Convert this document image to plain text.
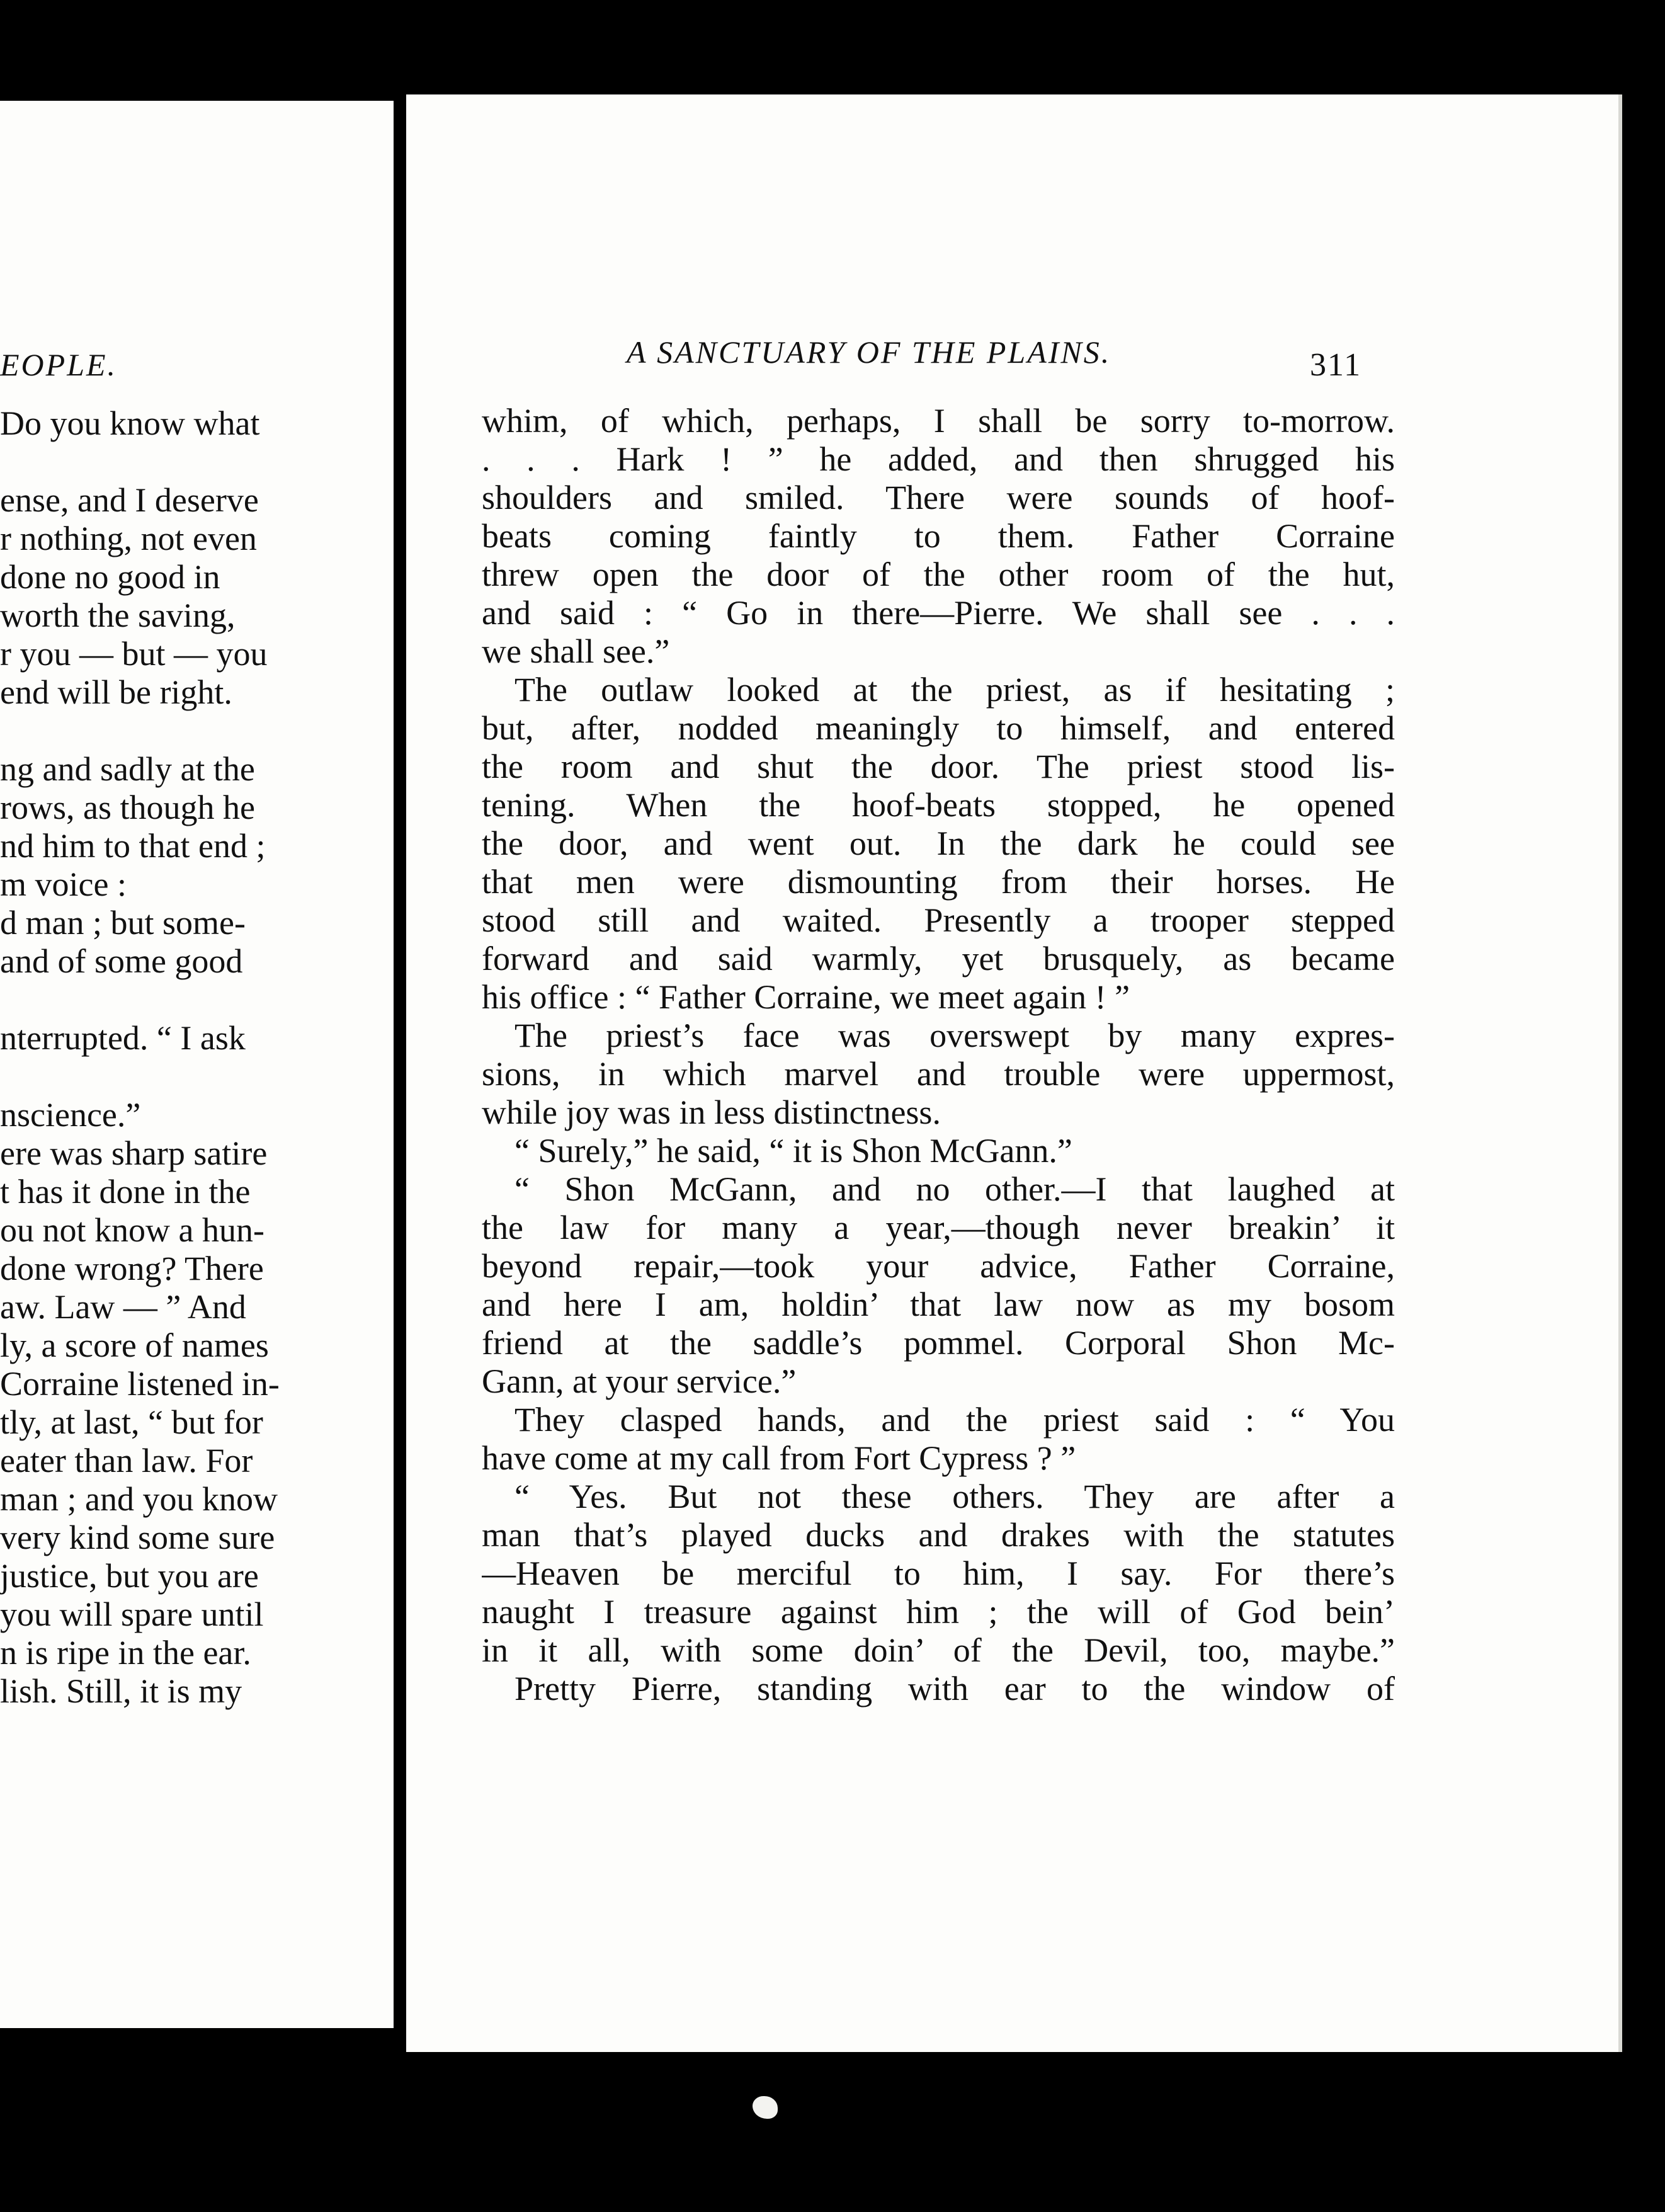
EOPLE.
Do you know what

ense, and I deserve
r nothing, not even
done no good in
worth the saving,
r you — but — you
end will be right.

ng and sadly at the
rows, as though he
nd him to that end ;
m voice :
d man ; but some-
and of some good

nterrupted. “ I ask

nscience.”
ere was sharp satire
t has it done in the
ou not know a hun-
done wrong? There
aw. Law — ” And
ly, a score of names
Corraine listened in-
tly, at last, “ but for
eater than law. For
man ; and you know
very kind some sure
justice, but you are
you will spare until
n is ripe in the ear.
lish. Still, it is my
A SANCTUARY OF THE PLAINS.	311
whim, of which, perhaps, I shall be sorry to-morrow.
. . . Hark ! ” he added, and then shrugged his
shoulders and smiled. There were sounds of hoof-
beats coming faintly to them. Father Corraine
threw open the door of the other room of the hut,
and said : “ Go in there—Pierre. We shall see . . .
we shall see.”
The outlaw looked at the priest, as if hesitating ;
but, after, nodded meaningly to himself, and entered
the room and shut the door. The priest stood lis-
tening. When the hoof-beats stopped, he opened
the door, and went out. In the dark he could see
that men were dismounting from their horses. He
stood still and waited. Presently a trooper stepped
forward and said warmly, yet brusquely, as became
his office : “ Father Corraine, we meet again ! ”
The priest’s face was overswept by many expres-
sions, in which marvel and trouble were uppermost,
while joy was in less distinctness.
“ Surely,” he said, “ it is Shon McGann.”
“ Shon McGann, and no other.—I that laughed at
the law for many a year,—though never breakin’ it
beyond repair,—took your advice, Father Corraine,
and here I am, holdin’ that law now as my bosom
friend at the saddle’s pommel. Corporal Shon Mc-
Gann, at your service.”
They clasped hands, and the priest said : “ You
have come at my call from Fort Cypress ? ”
“ Yes. But not these others. They are after a
man that’s played ducks and drakes with the statutes
—Heaven be merciful to him, I say. For there’s
naught I treasure against him ; the will of God bein’
in it all, with some doin’ of the Devil, too, maybe.”
Pretty Pierre, standing with ear to the window of
